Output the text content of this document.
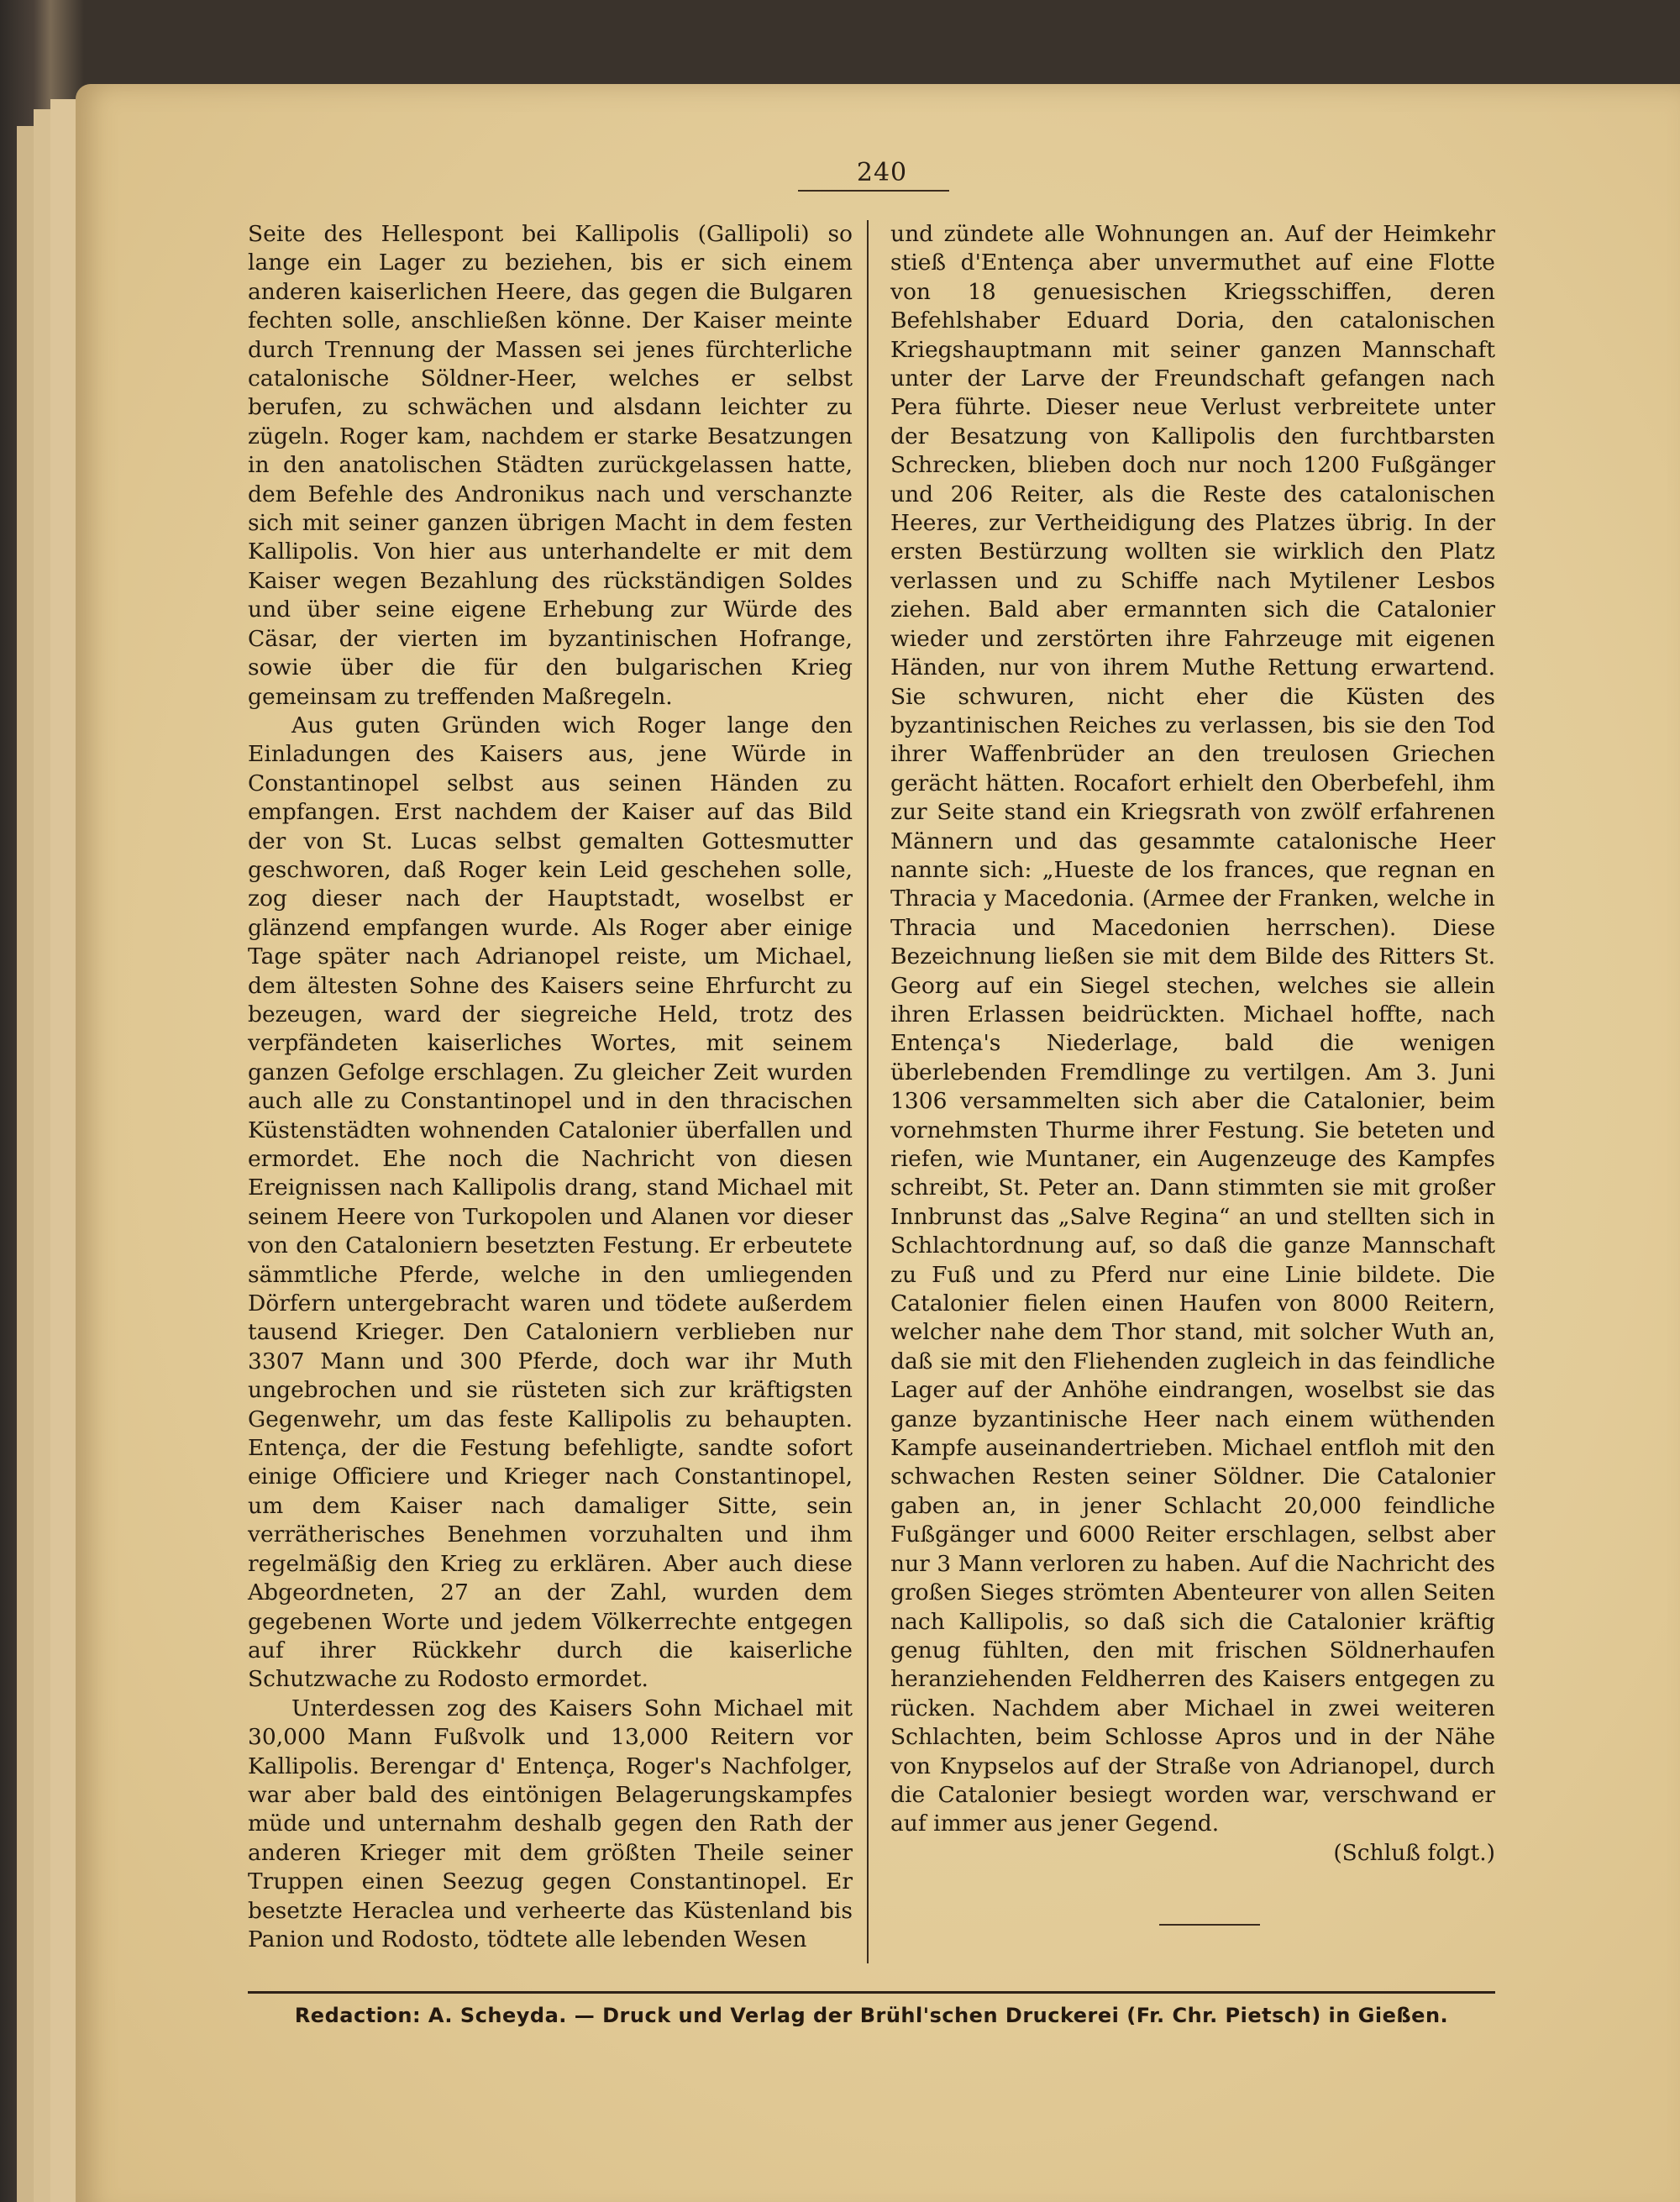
240

Seite des Hellespont bei Kallipolis (Gallipoli) so lange ein Lager zu beziehen, bis er sich einem anderen kaiserlichen Heere, das gegen die Bulgaren fechten solle, anschließen könne. Der Kaiser meinte durch Trennung der Massen sei jenes fürchterliche catalonische Söldner-Heer, welches er selbst berufen, zu schwächen und alsdann leichter zu zügeln. Roger kam, nachdem er starke Besatzungen in den anatolischen Städten zurückgelassen hatte, dem Befehle des Andronikus nach und verschanzte sich mit seiner ganzen übrigen Macht in dem festen Kallipolis. Von hier aus unterhandelte er mit dem Kaiser wegen Bezahlung des rückständigen Soldes und über seine eigene Erhebung zur Würde des Cäsar, der vierten im byzantinischen Hofrange, sowie über die für den bulgarischen Krieg gemeinsam zu treffenden Maßregeln.

Aus guten Gründen wich Roger lange den Einladungen des Kaisers aus, jene Würde in Constantinopel selbst aus seinen Händen zu empfangen. Erst nachdem der Kaiser auf das Bild der von St. Lucas selbst gemalten Gottesmutter geschworen, daß Roger kein Leid geschehen solle, zog dieser nach der Hauptstadt, woselbst er glänzend empfangen wurde. Als Roger aber einige Tage später nach Adrianopel reiste, um Michael, dem ältesten Sohne des Kaisers seine Ehrfurcht zu bezeugen, ward der siegreiche Held, trotz des verpfändeten kaiserliches Wortes, mit seinem ganzen Gefolge erschlagen. Zu gleicher Zeit wurden auch alle zu Constantinopel und in den thracischen Küstenstädten wohnenden Catalonier überfallen und ermordet. Ehe noch die Nachricht von diesen Ereignissen nach Kallipolis drang, stand Michael mit seinem Heere von Turkopolen und Alanen vor dieser von den Cataloniern besetzten Festung. Er erbeutete sämmtliche Pferde, welche in den umliegenden Dörfern untergebracht waren und tödete außerdem tausend Krieger. Den Cataloniern verblieben nur 3307 Mann und 300 Pferde, doch war ihr Muth ungebrochen und sie rüsteten sich zur kräftigsten Gegenwehr, um das feste Kallipolis zu behaupten. Entença, der die Festung befehligte, sandte sofort einige Officiere und Krieger nach Constantinopel, um dem Kaiser nach damaliger Sitte, sein verrätherisches Benehmen vorzuhalten und ihm regelmäßig den Krieg zu erklären. Aber auch diese Abgeordneten, 27 an der Zahl, wurden dem gegebenen Worte und jedem Völkerrechte entgegen auf ihrer Rückkehr durch die kaiserliche Schutzwache zu Rodosto ermordet.

Unterdessen zog des Kaisers Sohn Michael mit 30,000 Mann Fußvolk und 13,000 Reitern vor Kallipolis. Berengar d' Entença, Roger's Nachfolger, war aber bald des eintönigen Belagerungskampfes müde und unternahm deshalb gegen den Rath der anderen Krieger mit dem größten Theile seiner Truppen einen Seezug gegen Constantinopel. Er besetzte Heraclea und verheerte das Küstenland bis Panion und Rodosto, tödtete alle lebenden Wesen

und zündete alle Wohnungen an. Auf der Heimkehr stieß d'Entença aber unvermuthet auf eine Flotte von 18 genuesischen Kriegsschiffen, deren Befehlshaber Eduard Doria, den catalonischen Kriegshauptmann mit seiner ganzen Mannschaft unter der Larve der Freundschaft gefangen nach Pera führte. Dieser neue Verlust verbreitete unter der Besatzung von Kallipolis den furchtbarsten Schrecken, blieben doch nur noch 1200 Fußgänger und 206 Reiter, als die Reste des catalonischen Heeres, zur Vertheidigung des Platzes übrig. In der ersten Bestürzung wollten sie wirklich den Platz verlassen und zu Schiffe nach Mytilener Lesbos ziehen. Bald aber ermannten sich die Catalonier wieder und zerstörten ihre Fahrzeuge mit eigenen Händen, nur von ihrem Muthe Rettung erwartend. Sie schwuren, nicht eher die Küsten des byzantinischen Reiches zu verlassen, bis sie den Tod ihrer Waffenbrüder an den treulosen Griechen gerächt hätten. Rocafort erhielt den Oberbefehl, ihm zur Seite stand ein Kriegsrath von zwölf erfahrenen Männern und das gesammte catalonische Heer nannte sich: „Hueste de los frances, que regnan en Thracia y Macedonia. (Armee der Franken, welche in Thracia und Macedonien herrschen). Diese Bezeichnung ließen sie mit dem Bilde des Ritters St. Georg auf ein Siegel stechen, welches sie allein ihren Erlassen beidrückten. Michael hoffte, nach Entença's Niederlage, bald die wenigen überlebenden Fremdlinge zu vertilgen. Am 3. Juni 1306 versammelten sich aber die Catalonier, beim vornehmsten Thurme ihrer Festung. Sie beteten und riefen, wie Muntaner, ein Augenzeuge des Kampfes schreibt, St. Peter an. Dann stimmten sie mit großer Innbrunst das „Salve Regina“ an und stellten sich in Schlachtordnung auf, so daß die ganze Mannschaft zu Fuß und zu Pferd nur eine Linie bildete. Die Catalonier fielen einen Haufen von 8000 Reitern, welcher nahe dem Thor stand, mit solcher Wuth an, daß sie mit den Fliehenden zugleich in das feindliche Lager auf der Anhöhe eindrangen, woselbst sie das ganze byzantinische Heer nach einem wüthenden Kampfe auseinandertrieben. Michael entfloh mit den schwachen Resten seiner Söldner. Die Catalonier gaben an, in jener Schlacht 20,000 feindliche Fußgänger und 6000 Reiter erschlagen, selbst aber nur 3 Mann verloren zu haben. Auf die Nachricht des großen Sieges strömten Abenteurer von allen Seiten nach Kallipolis, so daß sich die Catalonier kräftig genug fühlten, den mit frischen Söldnerhaufen heranziehenden Feldherren des Kaisers entgegen zu rücken. Nachdem aber Michael in zwei weiteren Schlachten, beim Schlosse Apros und in der Nähe von Knypselos auf der Straße von Adrianopel, durch die Catalonier besiegt worden war, verschwand er auf immer aus jener Gegend.

(Schluß folgt.)
Redaction: A. Scheyda. — Druck und Verlag der Brühl'schen Druckerei (Fr. Chr. Pietsch) in Gießen.
